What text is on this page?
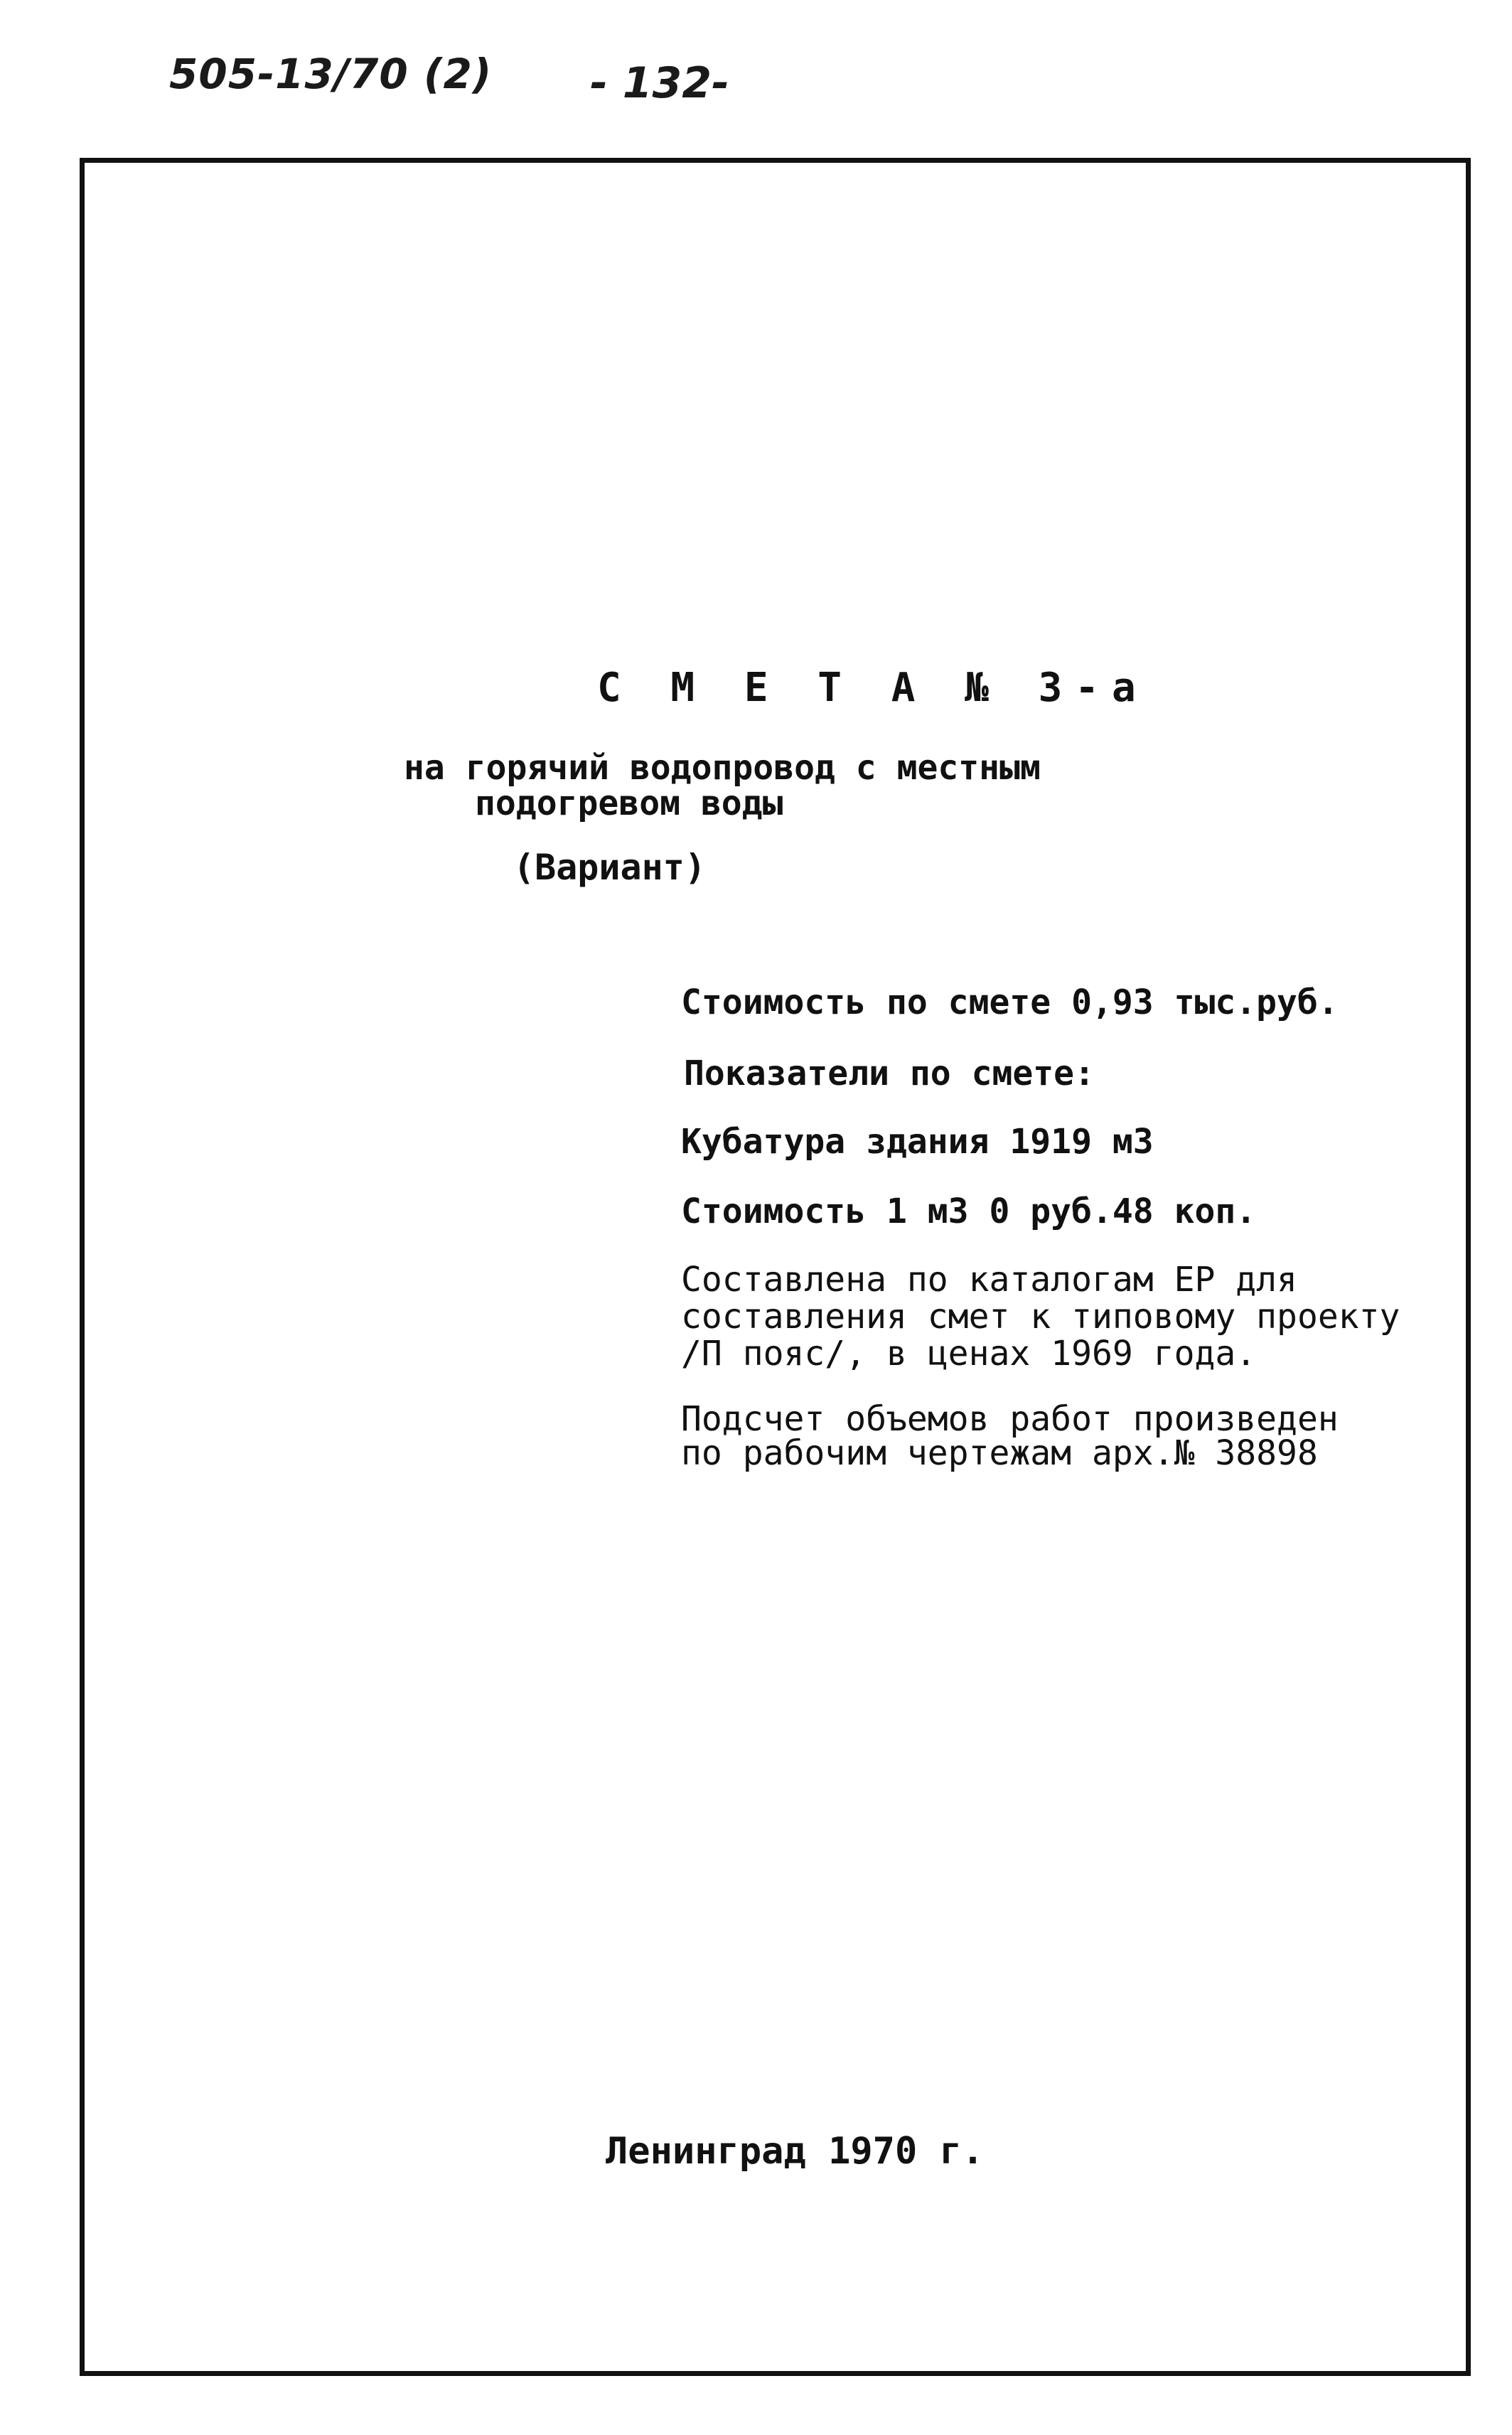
505-13/70 (2) - 132-
С М Е Т А № 3-а
на горячий водопровод с местным
подогревом воды
(Вариант)
Стоимость по смете 0,93 тыс.руб.
Показатели по смете:
Кубатура здания 1919 м3
Стоимость 1 м3 0 руб.48 коп.
Составлена по каталогам ЕР для
составления смет к типовому проекту
/П пояс/, в ценах 1969 года.
Подсчет объемов работ произведен
по рабочим чертежам арх.№ 38898
Ленинград 1970 г.
